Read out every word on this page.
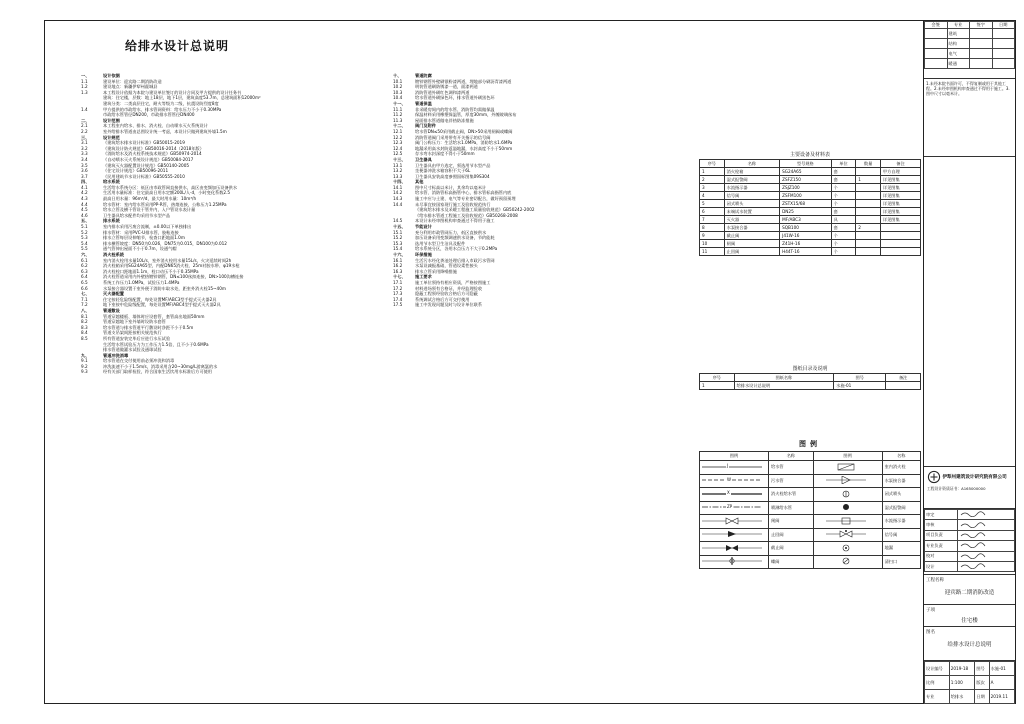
给排水设计总说明
一、	设计依据
1.1	建设单位：迎宾路二期消防改造
1.2	建设地点：新疆伊犁州霍城县
1.3	本工程设计依据为本院与建设单位签订的设计合同及甲方提供的设计任务书
建筑：住宅楼，层数：地上18层，地下1层，建筑高度53.7m，总建筑面积12000m²
建筑分类：二类高层住宅，耐火等级为二级，抗震设防烈度8度
1.4	甲方提供的市政给水、排水管网资料：给水压力不小于0.30MPa
市政给水管管径DN200，市政排水管管径DN400
二、	设计范围
2.1	本工程室内给水、排水、消火栓、自动喷水灭火系统设计
2.2	室外给排水管道由总图设计统一考虑，本设计只做到建筑外墙1.5m
三、	设计规范
3.1	《建筑给水排水设计标准》GB50015-2019
3.2	《建筑设计防火规范》GB50016-2014（2018年版）
3.3	《消防给水及消火栓系统技术规范》GB50974-2014
3.4	《自动喷水灭火系统设计规范》GB50084-2017
3.5	《建筑灭火器配置设计规范》GB50140-2005
3.6	《住宅设计规范》GB50096-2011
3.7	《民用建筑节水设计标准》GB50555-2010
四、	给水系统
4.1	生活给水系统分区：低区由市政管网直接供水，高区由变频加压设备供水
4.2	生活用水量标准：住宅最高日用水定额200L/人·d，小时变化系数2.5
4.3	最高日用水量：96m³/d，最大时用水量：10m³/h
4.4	给水管材：室内给水管采用PP-R管，热熔连接，公称压力1.25MPa
4.5	给水立管及横干管设于管井内，入户管设水表计量
4.6	卫生器具给水配件均采用节水型产品
五、	排水系统
5.1	室内排水采用污废合流制，±0.00以下单独排出
5.2	排水管材：采用PVC-U排水管，胶粘连接
5.3	排水立管每层设伸缩节，检查口距地面1.0m
5.4	排水横管坡度：DN50为0.026，DN75为0.015，DN100为0.012
5.5	通气管伸出屋面不小于0.7m，设通气帽
六、	消火栓系统
6.1	室内消火栓用水量10L/s，室外消火栓用水量15L/s，火灾延续时间2h
6.2	消火栓箱采用SG24A65型，内配DN65消火栓、25m衬胶水带、φ19水枪
6.3	消火栓栓口距地面1.1m，栓口动压不小于0.35MPa
6.4	消火栓管道采用内外壁热镀锌钢管，DN≤100丝扣连接，DN>100沟槽连接
6.5	系统工作压力1.0MPa，试验压力1.4MPa
6.6	水泵接合器设置于室外便于消防车取水处，距室外消火栓15~40m
七、	灭火器配置
7.1	住宅按轻危险级配置，每处设置MF/ABC3型手提式灭火器2具
7.2	地下室按中危险级配置，每处设置MF/ABC4型手提式灭火器2具
八、	管道敷设
8.1	管道穿越楼板、墙体时应设套管，套管高出地面50mm
8.2	管道穿越地下室外墙时设防水套管
8.3	给水管道与排水管道平行敷设时净距不小于0.5m
8.4	管道支吊架间距按相关规范执行
8.5	所有管道安装完毕后应进行水压试验
生活给水管试验压力为工作压力1.5倍，且不小于0.6MPa
排水管道做灌水试验及通球试验
九、	管道冲洗消毒
9.1	给水管道在交付使用前必须冲洗和消毒
9.2	冲洗流速不小于1.5m/s，消毒采用含20~30mg/L游离氯的水
9.3	经有关部门取样检验，符合国家生活饮用水标准后方可使用
十、	管道防腐
10.1	镀锌钢管外壁刷银粉漆两道，埋地部分刷沥青漆两道
10.2	明装管道刷防锈漆一道，面漆两道
10.3	消防管道外刷红色调和漆两道
10.4	给水管道外刷绿色环，排水管道外刷黑色环
十一、 管道保温
11.1	非采暖房间内的给水管、消防管均需做保温
11.2	保温材料采用橡塑保温管，厚度30mm，外缠玻璃丝布
11.3	屋面排水管道做电伴热防冻措施
十二、 阀门及附件
12.1	给水管DN≤50采用截止阀，DN>50采用闸阀或蝶阀
12.2	消防管道阀门采用带有开关指示的信号阀
12.3	阀门公称压力：生活给水1.0MPa，消防给水1.6MPa
12.4	地漏采用高水封防返溢地漏，水封高度不小于50mm
12.5	存水弯水封深度不得小于50mm
十三、 卫生器具
13.1	卫生器具由甲方选定，须选用节水型产品
13.2	坐便器冲洗水箱容积不大于6L
13.3	卫生器具安装高度参照国标图集09S304
十四、 其他
14.1	图中尺寸标高以米计，其余均以毫米计
14.2	给水管、消防管标高指管中心，排水管标高指管内底
14.3	施工中应与土建、电气等专业密切配合，做好预留预埋
14.4	未尽事宜按国家现行施工及验收规范执行
《建筑给水排水及采暖工程施工质量验收规范》GB50242-2002
《给水排水管道工程施工及验收规范》GB50268-2008
14.5	本设计未经审图机构审查通过不得用于施工
十五、 节能设计
15.1	充分利用市政管网压力，低区直接供水
15.2	加压设备采用变频调速供水设备，节约能耗
15.3	选用节水型卫生洁具及配件
15.4	给水系统分区，各用水点压力不大于0.2MPa
十六、 环保措施
16.1	生活污水经化粪池处理后排入市政污水管网
16.2	水泵设减振基础，管道设柔性接头
16.3	排水立管采用降噪措施
十七、 施工要求
17.1	施工单位须持有相应资质，严格按图施工
17.2	材料进场须有合格证，并经监理验收
17.3	隐蔽工程须经验收合格后方可隐蔽
17.4	系统调试合格后方可交付使用
17.5	施工中发现问题及时与设计单位联系
主要设备及材料表
序号	名称	型号规格	单位	数量	备注
1	消火栓箱	SG24A65	套		甲方自理
2	湿式报警阀	ZSFZ150	套	1	详见图集
3	水流指示器	ZSJZ100	个		详见图集
4	信号阀	ZSFM100	个		详见图集
5	闭式喷头	ZSTX15/68	个		详见图集
6	末端试水装置	DN25	套		详见图集
7	灭火器	MF/ABC3	具		详见图集
8	水泵接合器	SQB100	套	2	
9	截止阀	J41W-16	个		
10	闸阀	Z41H-16	个		
11	止回阀	H44T-16	个		
图纸目录及说明
序号	图纸名称	图号	备注
1	给排水设计总说明	水施-01	
图例
图例	名称	图例	名称

J	给水管		室内消火栓

W	污水管		水泵接合器

X	消火栓给水管		闭式喷头

ZP	喷淋给水管		湿式报警阀

	闸阀		水流指示器

	止回阀		信号阀

	截止阀		地漏

	蝶阀		清扫口
会签	专业	签字	日期
	建筑		
	结构		
	电气		
	暖通		
1.未经本院书面许可，不得复制或用于其他工程。2.未经审图机构审查通过不得用于施工。3.图中尺寸以毫米计。
伊犁州建筑设计研究院有限公司
工程设计资质证书：A165000000
审定	
审核	
项目负责	
专业负责	
校对	
设计	
工程名称
迎宾路二期消防改造
子项
住宅楼
图名
给排水设计总说明
设计编号	2019-18	图号	水施-01
比例	1:100	版次	A
专业	给排水	日期	2019.11
